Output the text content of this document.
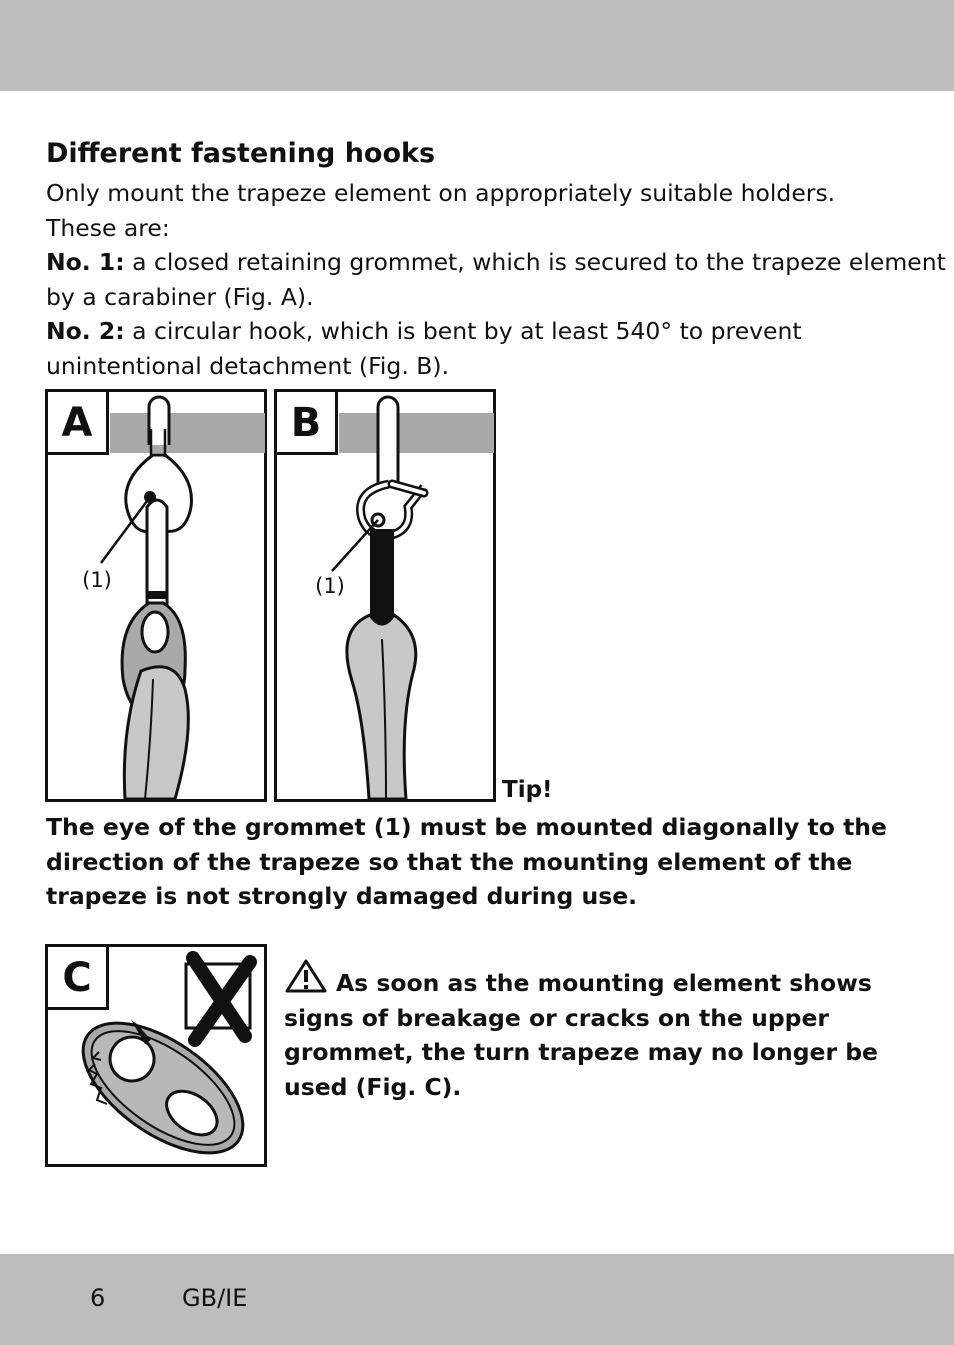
Different fastening hooks
Only mount the trapeze element on appropriately suitable holders.
These are:
No. 1: a closed retaining grommet, which is secured to the trapeze element
by a carabiner (Fig. A).
No. 2: a circular hook, which is bent by at least 540° to prevent
unintentional detachment (Fig. B).
A
(1)
B
(1)
Tip!
The eye of the grommet (1) must be mounted diagonally to the
direction of the trapeze so that the mounting element of the
trapeze is not strongly damaged during use.
C	As soon as the mounting element shows
signs of breakage or cracks on the upper
grommet, the turn trapeze may no longer be
used (Fig. C).
6	GB/IE
